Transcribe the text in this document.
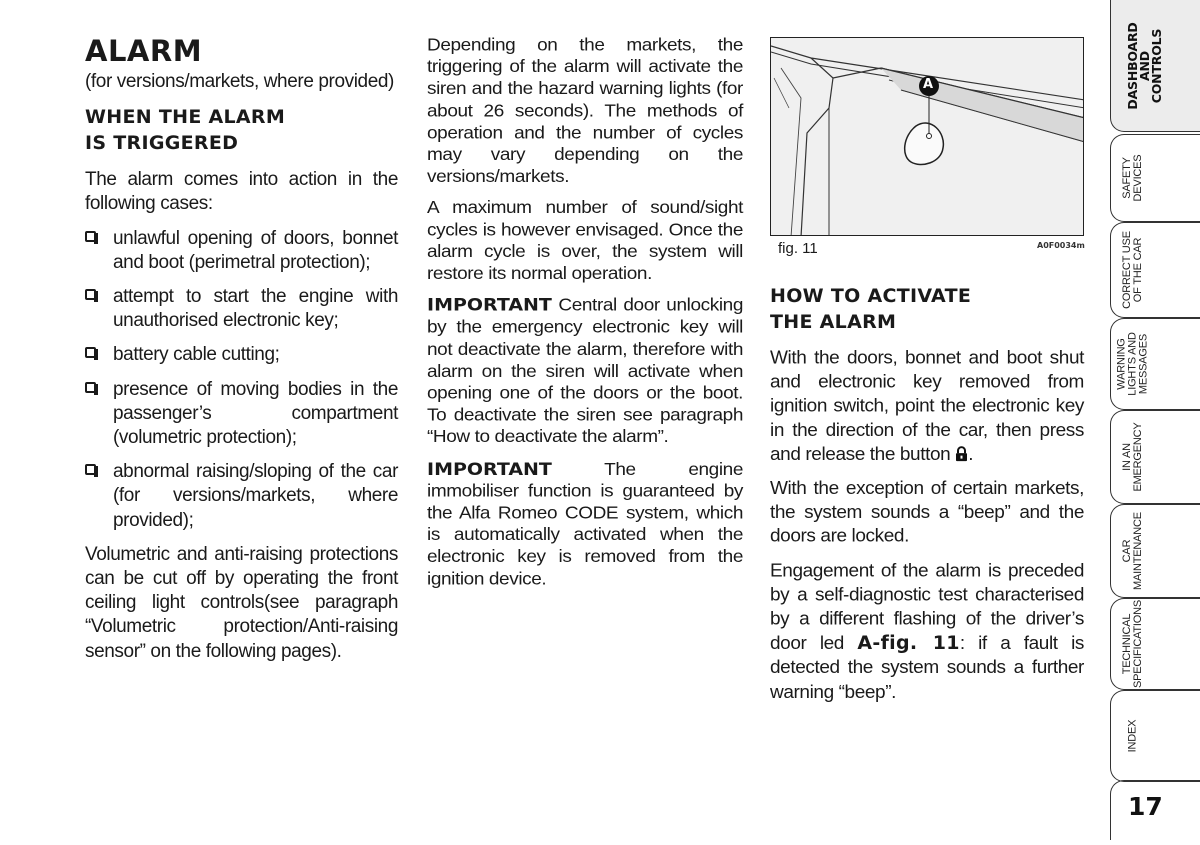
ALARM

(for versions/markets, where provided)

WHEN THE ALARM
IS TRIGGERED

The alarm comes into action in the following cases:

unlawful opening of doors, bonnet and boot (perimetral protection);
attempt to start the engine with unauthorised electronic key;
battery cable cutting;
presence of moving bodies in the passenger’s compartment (volumetric protection);
abnormal raising/sloping of the car (for versions/markets, where provided);

Volumetric and anti-raising protections can be cut off by operating the front ceiling light controls(see paragraph “Volumetric protection/Anti-raising sensor” on the following pages).

Depending on the markets, the triggering of the alarm will activate the siren and the hazard warning lights (for about 26 seconds). The methods of operation and the number of cycles may vary depending on the versions/markets.

A maximum number of sound/sight cycles is however envisaged. Once the alarm cycle is over, the system will restore its normal operation.

IMPORTANT Central door unlocking by the emergency electronic key will not deactivate the alarm, therefore with alarm on the siren will activate when opening one of the doors or the boot. To deactivate the siren see paragraph “How to deactivate the alarm”.

IMPORTANT The engine immobiliser function is guaranteed by the Alfa Romeo CODE system, which is automatically activated when the electronic key is removed from the ignition device.

A
fig. 11	A0F0034m
HOW TO ACTIVATE
THE ALARM

With the doors, bonnet and boot shut and electronic key removed from ignition switch, point the electronic key in the direction of the car, then press and release the button .

With the exception of certain markets, the system sounds a “beep” and the doors are locked.

Engagement of the alarm is preceded by a self-diagnostic test characterised by a different flashing of the driver’s door led A-fig. 11: if a fault is detected the system sounds a further warning “beep”.

DASHBOARD
AND
CONTROLS
SAFETY
DEVICES
CORRECT USE
OF THE CAR
WARNING
LIGHTS AND
MESSAGES
IN AN
EMERGENCY
CAR
MAINTENANCE
TECHNICAL
SPECIFICATIONS
INDEX
17
